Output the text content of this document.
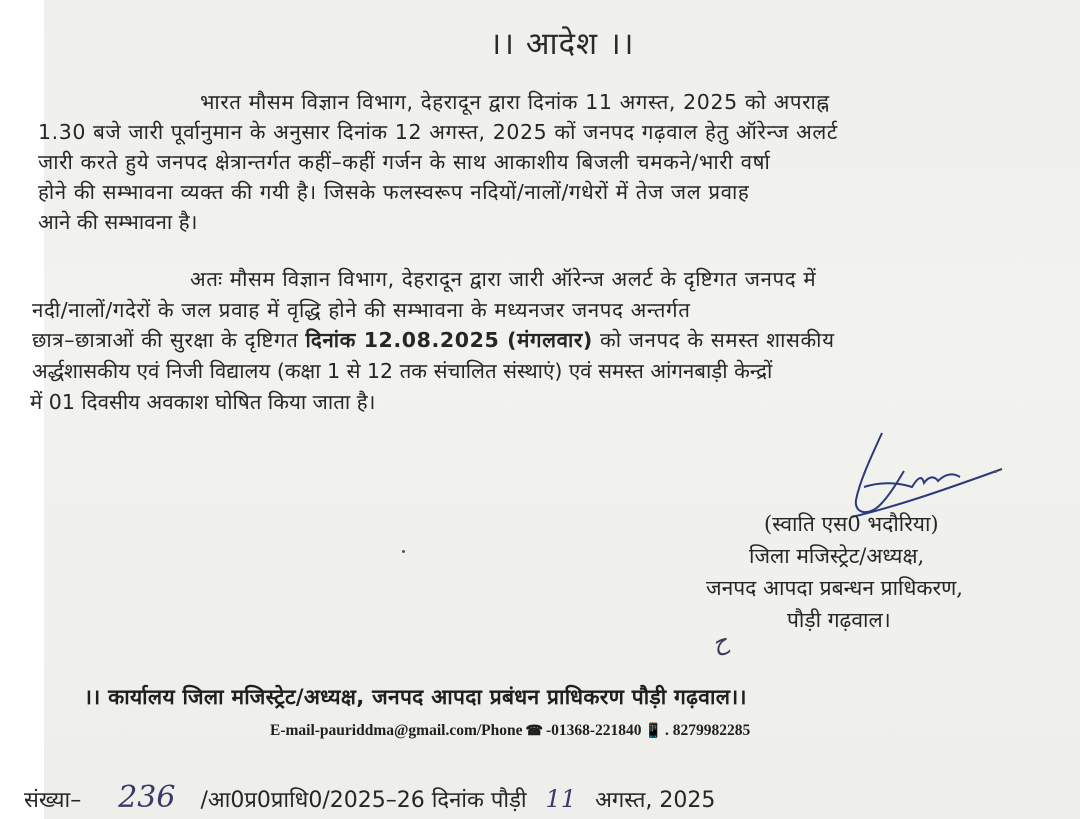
।। आदेश ।।
भारत मौसम विज्ञान विभाग, देहरादून द्वारा दिनांक 11 अगस्त, 2025 को अपराह्न
1.30 बजे जारी पूर्वानुमान के अनुसार दिनांक 12 अगस्त, 2025 कों जनपद गढ़वाल हेतु ऑरेन्ज अलर्ट
जारी करते हुये जनपद क्षेत्रान्तर्गत कहीं–कहीं गर्जन के साथ आकाशीय बिजली चमकने/भारी वर्षा
होने की सम्भावना व्यक्त की गयी है। जिसके फलस्वरूप नदियों/नालों/गधेरों में तेज जल प्रवाह
आने की सम्भावना है।
अतः मौसम विज्ञान विभाग, देहरादून द्वारा जारी ऑरेन्ज अलर्ट के दृष्टिगत जनपद में
नदी/नालों/गदेरों के जल प्रवाह में वृद्धि होने की सम्भावना के मध्यनजर जनपद अन्तर्गत
छात्र–छात्राओं की सुरक्षा के दृष्टिगत दिनांक 12.08.2025 (मंगलवार) को जनपद के समस्त शासकीय
अर्द्धशासकीय एवं निजी विद्यालय (कक्षा 1 से 12 तक संचालित संस्थाएं) एवं समस्त आंगनबाड़ी केन्द्रों
में 01 दिवसीय अवकाश घोषित किया जाता है।
(स्वाति एस0 भदौरिया)
जिला मजिस्ट्रेट/अध्यक्ष,
जनपद आपदा प्रबन्धन प्राधिकरण,
पौड़ी गढ़वाल।
ح
।। कार्यालय जिला मजिस्ट्रेट/अध्यक्ष, जनपद आपदा प्रबंधन प्राधिकरण पौड़ी गढ़वाल।।
E-mail-pauriddma@gmail.com/Phone ☎ -01368-221840 📱 . 8279982285
संख्या– 236 /आ0प्र0प्राधि0/2025–26 दिनांक पौड़ी 11 अगस्त, 2025
